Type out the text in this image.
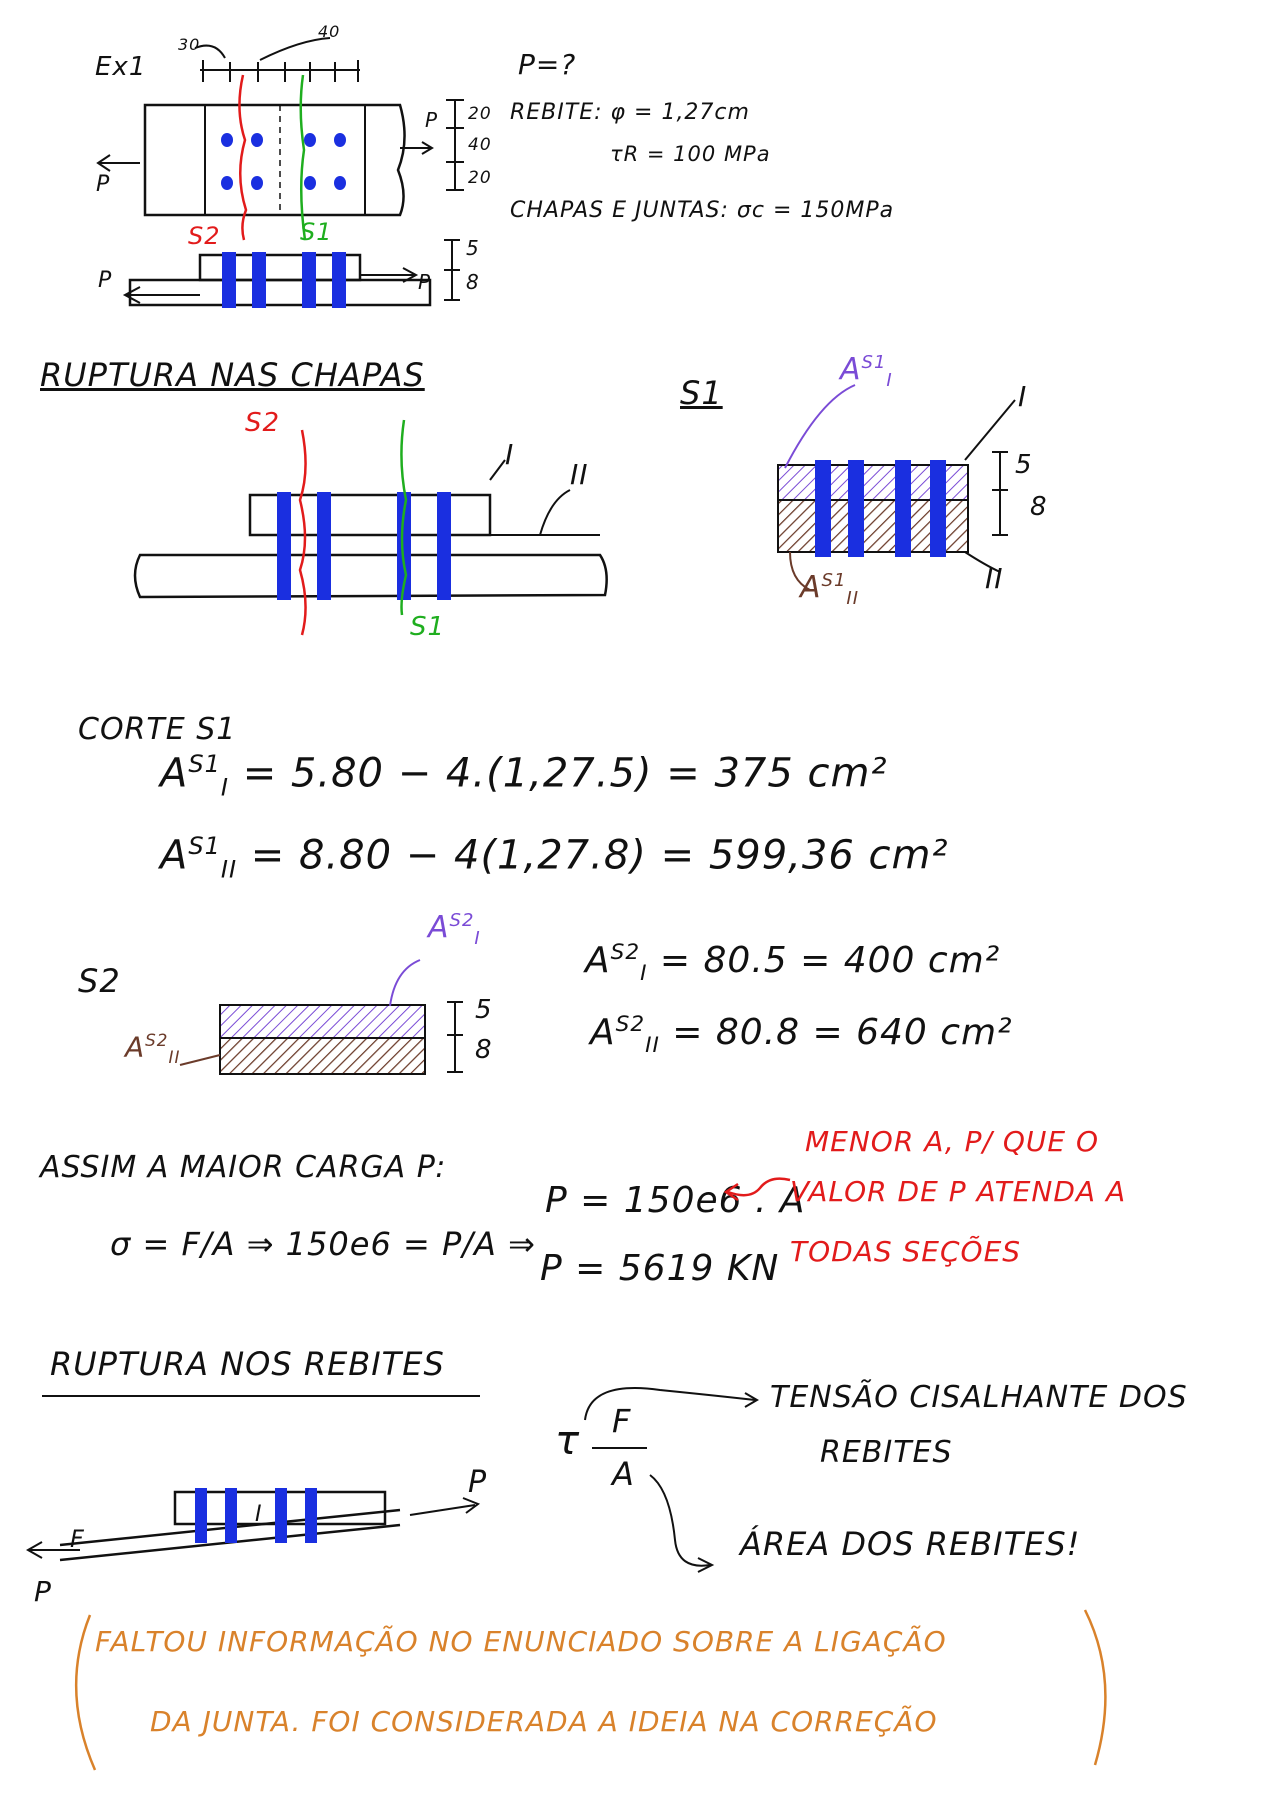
Ex1
30
40
P
P 20
40
20
S2	S1
5
8
P	P
P=?
REBITE: φ = 1,27cm
τR = 100 MPa
CHAPAS E JUNTAS: σc = 150MPa
RUPTURA NAS CHAPAS
S2
S1
I
II
S1
$A^{S1}_I$
$A^{S1}_{II}$
I
II
5
8
CORTE S1
$A^{S1}_I = 5.80 - 4.(1,27.5) = 375$ cm²
$A^{S1}_{II} = 8.80 - 4(1,27.8) = 599,36$ cm²
S2
$A^{S2}_I$
$A^{S2}_{II}$
5
8
$A^{S2}_I = 80.5 = 400$ cm²
$A^{S2}_{II} = 80.8 = 640$ cm²
ASSIM A MAIOR CARGA P:
σ = F/A ⇒ 150e6 = P/A ⇒
P = 150e6 . A
P = 5619 KN
MENOR A, P/ QUE O
VALOR DE P ATENDA A
TODAS SEÇÕES
RUPTURA NOS REBITES
F
P
P
I
τ F
A
TENSÃO CISALHANTE DOS
REBITES
ÁREA DOS REBITES!
FALTOU INFORMAÇÃO NO ENUNCIADO SOBRE A LIGAÇÃO
DA JUNTA. FOI CONSIDERADA A IDEIA NA CORREÇÃO
